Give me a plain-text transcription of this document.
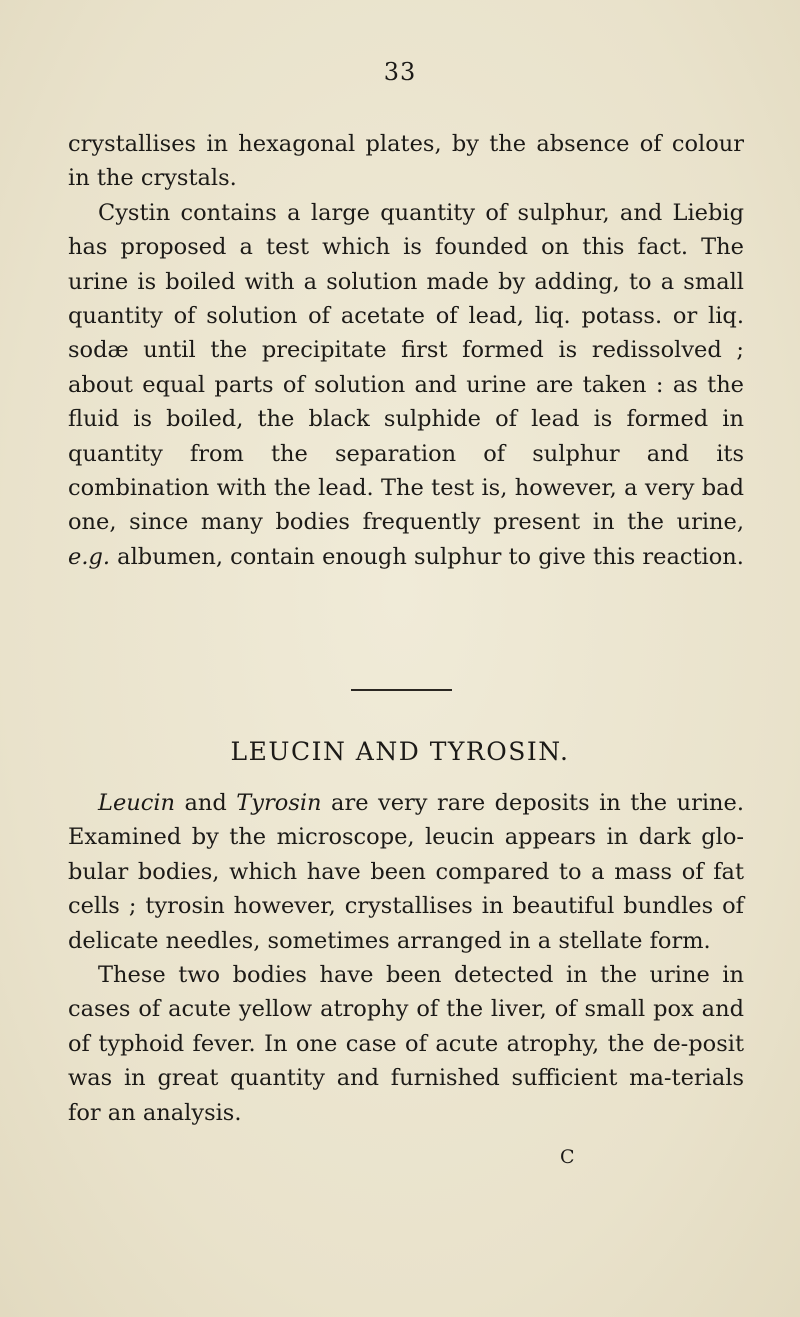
33

crystallises in hexagonal plates, by the absence of colour in the crystals.
Cystin contains a large quantity of sulphur, and Liebig has proposed a test which is founded on this fact. The urine is boiled with a solution made by adding, to a small quantity of solution of acetate of lead, liq. potass. or liq. sodæ until the precipitate first formed is redissolved ; about equal parts of solution and urine are taken : as the fluid is boiled, the black sulphide of lead is formed in quantity from the separation of sulphur and its combination with the lead. The test is, however, a very bad one, since many bodies frequently present in the urine, e.g. albumen, contain enough sulphur to give this reaction.

LEUCIN AND TYROSIN.

Leucin and Tyrosin are very rare deposits in the urine. Examined by the microscope, leucin appears in dark glo-bular bodies, which have been compared to a mass of fat cells ; tyrosin however, crystallises in beautiful bundles of delicate needles, sometimes arranged in a stellate form.
These two bodies have been detected in the urine in cases of acute yellow atrophy of the liver, of small pox and of typhoid fever. In one case of acute atrophy, the de-posit was in great quantity and furnished sufficient ma-terials for an analysis.

C
